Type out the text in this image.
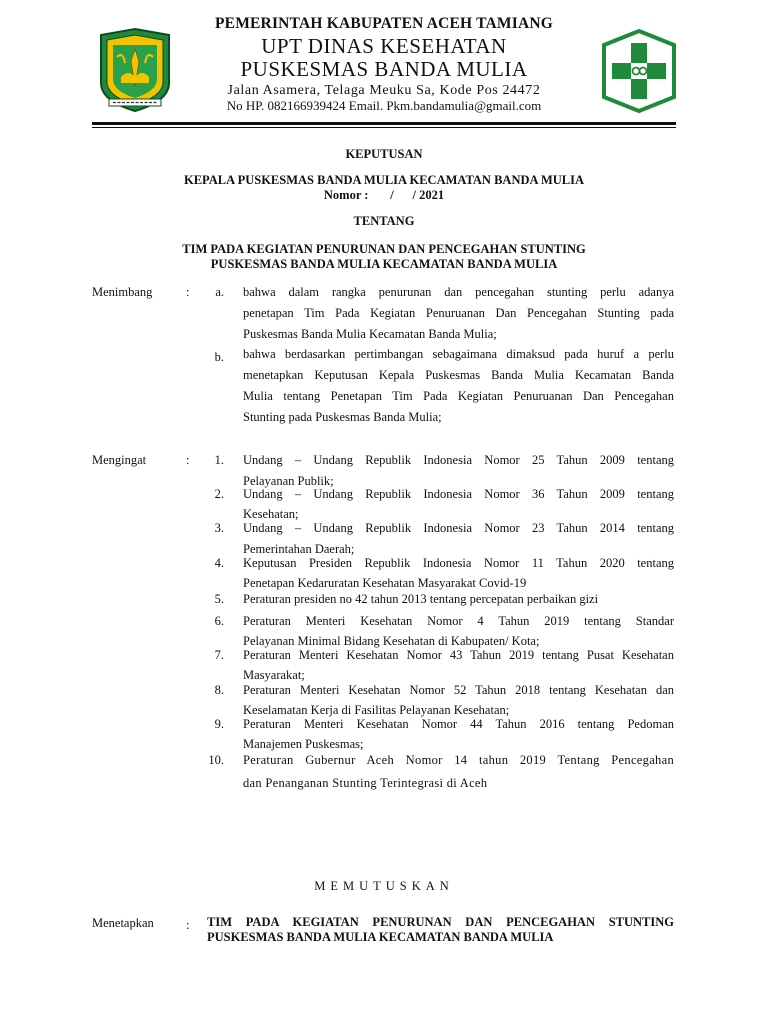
PEMERINTAH KABUPATEN ACEH TAMIANG
UPT DINAS KESEHATAN
PUSKESMAS BANDA MULIA
Jalan Asamera, Telaga Meuku Sa, Kode Pos 24472
No HP. 082166939424 Email. Pkm.bandamulia@gmail.com
KEPUTUSAN
KEPALA PUSKESMAS BANDA MULIA KECAMATAN BANDA MULIA
Nomor :       /      / 2021
TENTANG
TIM PADA KEGIATAN PENURUNAN DAN PENCEGAHAN STUNTING
PUSKESMAS BANDA MULIA KECAMATAN BANDA MULIA
Menimbang	:	a. bahwa dalam rangka penurunan dan pencegahan stunting perlu adanya
penetapan Tim Pada Kegiatan Penuruanan Dan Pencegahan Stunting pada
Puskesmas Banda Mulia Kecamatan Banda Mulia;
b. bahwa berdasarkan pertimbangan sebagaimana dimaksud pada huruf a perlu
menetapkan Keputusan Kepala Puskesmas Banda Mulia Kecamatan Banda
Mulia tentang Penetapan Tim Pada Kegiatan Penuruanan Dan Pencegahan
Stunting pada Puskesmas Banda Mulia;
Mengingat	:	1. Undang – Undang Republik Indonesia Nomor 25 Tahun 2009 tentang
Pelayanan Publik;
2. Undang – Undang Republik Indonesia Nomor 36 Tahun 2009 tentang
Kesehatan;
3. Undang – Undang Republik Indonesia Nomor 23 Tahun 2014 tentang
Pemerintahan Daerah;
4. Keputusan Presiden Republik Indonesia Nomor 11 Tahun 2020 tentang
Penetapan Kedaruratan Kesehatan Masyarakat Covid-19
5. Peraturan presiden no 42 tahun 2013 tentang percepatan perbaikan gizi
6. Peraturan Menteri Kesehatan Nomor 4 Tahun 2019 tentang Standar
Pelayanan Minimal Bidang Kesehatan di Kabupaten/ Kota;
7. Peraturan Menteri Kesehatan Nomor 43 Tahun 2019 tentang Pusat Kesehatan
Masyarakat;
8. Peraturan Menteri Kesehatan Nomor 52 Tahun 2018 tentang Kesehatan dan
Keselamatan Kerja di Fasilitas Pelayanan Kesehatan;
9. Peraturan Menteri Kesehatan Nomor 44 Tahun 2016 tentang Pedoman
Manajemen Puskesmas;
10. Peraturan Gubernur Aceh Nomor 14 tahun 2019 Tentang Pencegahan
dan Penanganan Stunting Terintegrasi di Aceh
MEMUTUSKAN
Menetapkan	: TIM PADA KEGIATAN PENURUNAN DAN PENCEGAHAN STUNTING PUSKESMAS BANDA MULIA KECAMATAN BANDA MULIA
